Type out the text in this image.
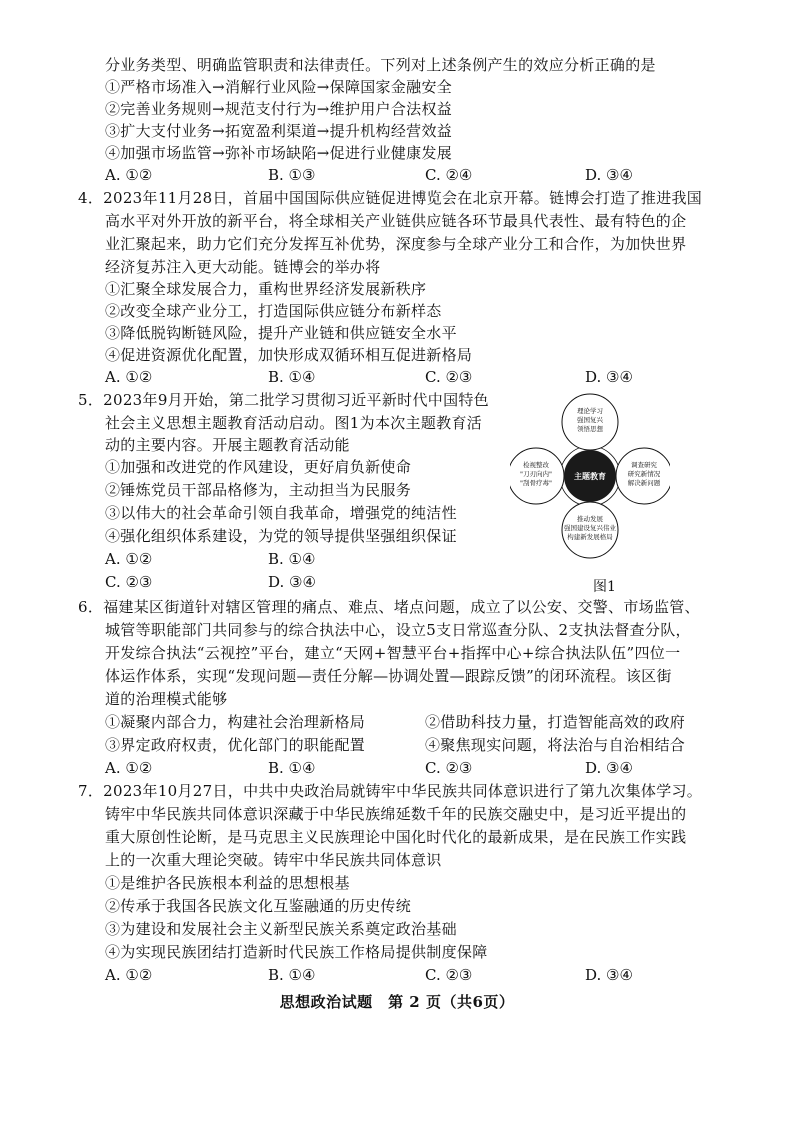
分业务类型、明确监管职责和法律责任。下列对上述条例产生的效应分析正确的是
①严格市场准入→消解行业风险→保障国家金融安全
②完善业务规则→规范支付行为→维护用户合法权益
③扩大支付业务→拓宽盈利渠道→提升机构经营效益
④加强市场监管→弥补市场缺陷→促进行业健康发展
A. ①②	B. ①③	C. ②④	D. ③④
4．2023年11月28日，首届中国国际供应链促进博览会在北京开幕。链博会打造了推进我国
高水平对外开放的新平台，将全球相关产业链供应链各环节最具代表性、最有特色的企
业汇聚起来，助力它们充分发挥互补优势，深度参与全球产业分工和合作，为加快世界
经济复苏注入更大动能。链博会的举办将
①汇聚全球发展合力，重构世界经济发展新秩序
②改变全球产业分工，打造国际供应链分布新样态
③降低脱钩断链风险，提升产业链和供应链安全水平
④促进资源优化配置，加快形成双循环相互促进新格局
A. ①②	B. ①④	C. ②③	D. ③④
5．2023年9月开始，第二批学习贯彻习近平新时代中国特色
社会主义思想主题教育活动启动。图1为本次主题教育活
动的主要内容。开展主题教育活动能
①加强和改进党的作风建设，更好肩负新使命
②锤炼党员干部品格修为，主动担当为民服务
③以伟大的社会革命引领自我革命，增强党的纯洁性
④强化组织体系建设，为党的领导提供坚强组织保证
A. ①②	B. ①④
C. ②③	D. ③④
主题教育
理论学习
强国复兴
领悟思想
调查研究
研究新情况
解决新问题
推动发展
强国建设复兴伟业
构建新发展格局
检视整改
"刀刃向内"
"刮骨疗毒"
图1
6．福建某区街道针对辖区管理的痛点、难点、堵点问题，成立了以公安、交警、市场监管、
城管等职能部门共同参与的综合执法中心，设立5支日常巡查分队、2支执法督查分队，
开发综合执法“云视控”平台，建立“天网+智慧平台+指挥中心+综合执法队伍”四位一
体运作体系，实现“发现问题—责任分解—协调处置—跟踪反馈”的闭环流程。该区街
道的治理模式能够
①凝聚内部合力，构建社会治理新格局	②借助科技力量，打造智能高效的政府
③界定政府权责，优化部门的职能配置	④聚焦现实问题，将法治与自治相结合
A. ①②	B. ①④	C. ②③	D. ③④
7．2023年10月27日，中共中央政治局就铸牢中华民族共同体意识进行了第九次集体学习。
铸牢中华民族共同体意识深藏于中华民族绵延数千年的民族交融史中，是习近平提出的
重大原创性论断，是马克思主义民族理论中国化时代化的最新成果，是在民族工作实践
上的一次重大理论突破。铸牢中华民族共同体意识
①是维护各民族根本利益的思想根基
②传承于我国各民族文化互鉴融通的历史传统
③为建设和发展社会主义新型民族关系奠定政治基础
④为实现民族团结打造新时代民族工作格局提供制度保障
A. ①②	B. ①④	C. ②③	D. ③④
思想政治试题　第 2 页（共6页）
